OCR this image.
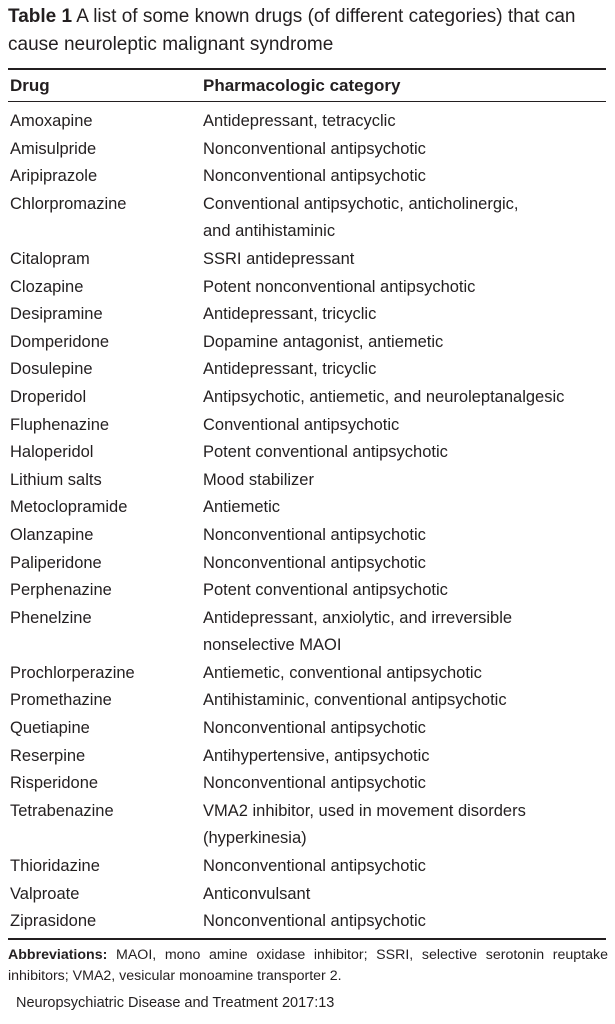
Table 1 A list of some known drugs (of different categories) that can cause neuroleptic malignant syndrome
Drug	Pharmacologic category
Amoxapine	Antidepressant, tetracyclic
Amisulpride	Nonconventional antipsychotic
Aripiprazole	Nonconventional antipsychotic
Chlorpromazine	Conventional antipsychotic, anticholinergic,
and antihistaminic
Citalopram	SSRI antidepressant
Clozapine	Potent nonconventional antipsychotic
Desipramine	Antidepressant, tricyclic
Domperidone	Dopamine antagonist, antiemetic
Dosulepine	Antidepressant, tricyclic
Droperidol	Antipsychotic, antiemetic, and neuroleptanalgesic
Fluphenazine	Conventional antipsychotic
Haloperidol	Potent conventional antipsychotic
Lithium salts	Mood stabilizer
Metoclopramide	Antiemetic
Olanzapine	Nonconventional antipsychotic
Paliperidone	Nonconventional antipsychotic
Perphenazine	Potent conventional antipsychotic
Phenelzine	Antidepressant, anxiolytic, and irreversible
nonselective MAOI
Prochlorperazine	Antiemetic, conventional antipsychotic
Promethazine	Antihistaminic, conventional antipsychotic
Quetiapine	Nonconventional antipsychotic
Reserpine	Antihypertensive, antipsychotic
Risperidone	Nonconventional antipsychotic
Tetrabenazine	VMA2 inhibitor, used in movement disorders
(hyperkinesia)
Thioridazine	Nonconventional antipsychotic
Valproate	Anticonvulsant
Ziprasidone	Nonconventional antipsychotic
Abbreviations: MAOI, mono amine oxidase inhibitor; SSRI, selective serotonin reuptake inhibitors; VMA2, vesicular monoamine transporter 2.
Neuropsychiatric Disease and Treatment 2017:13
